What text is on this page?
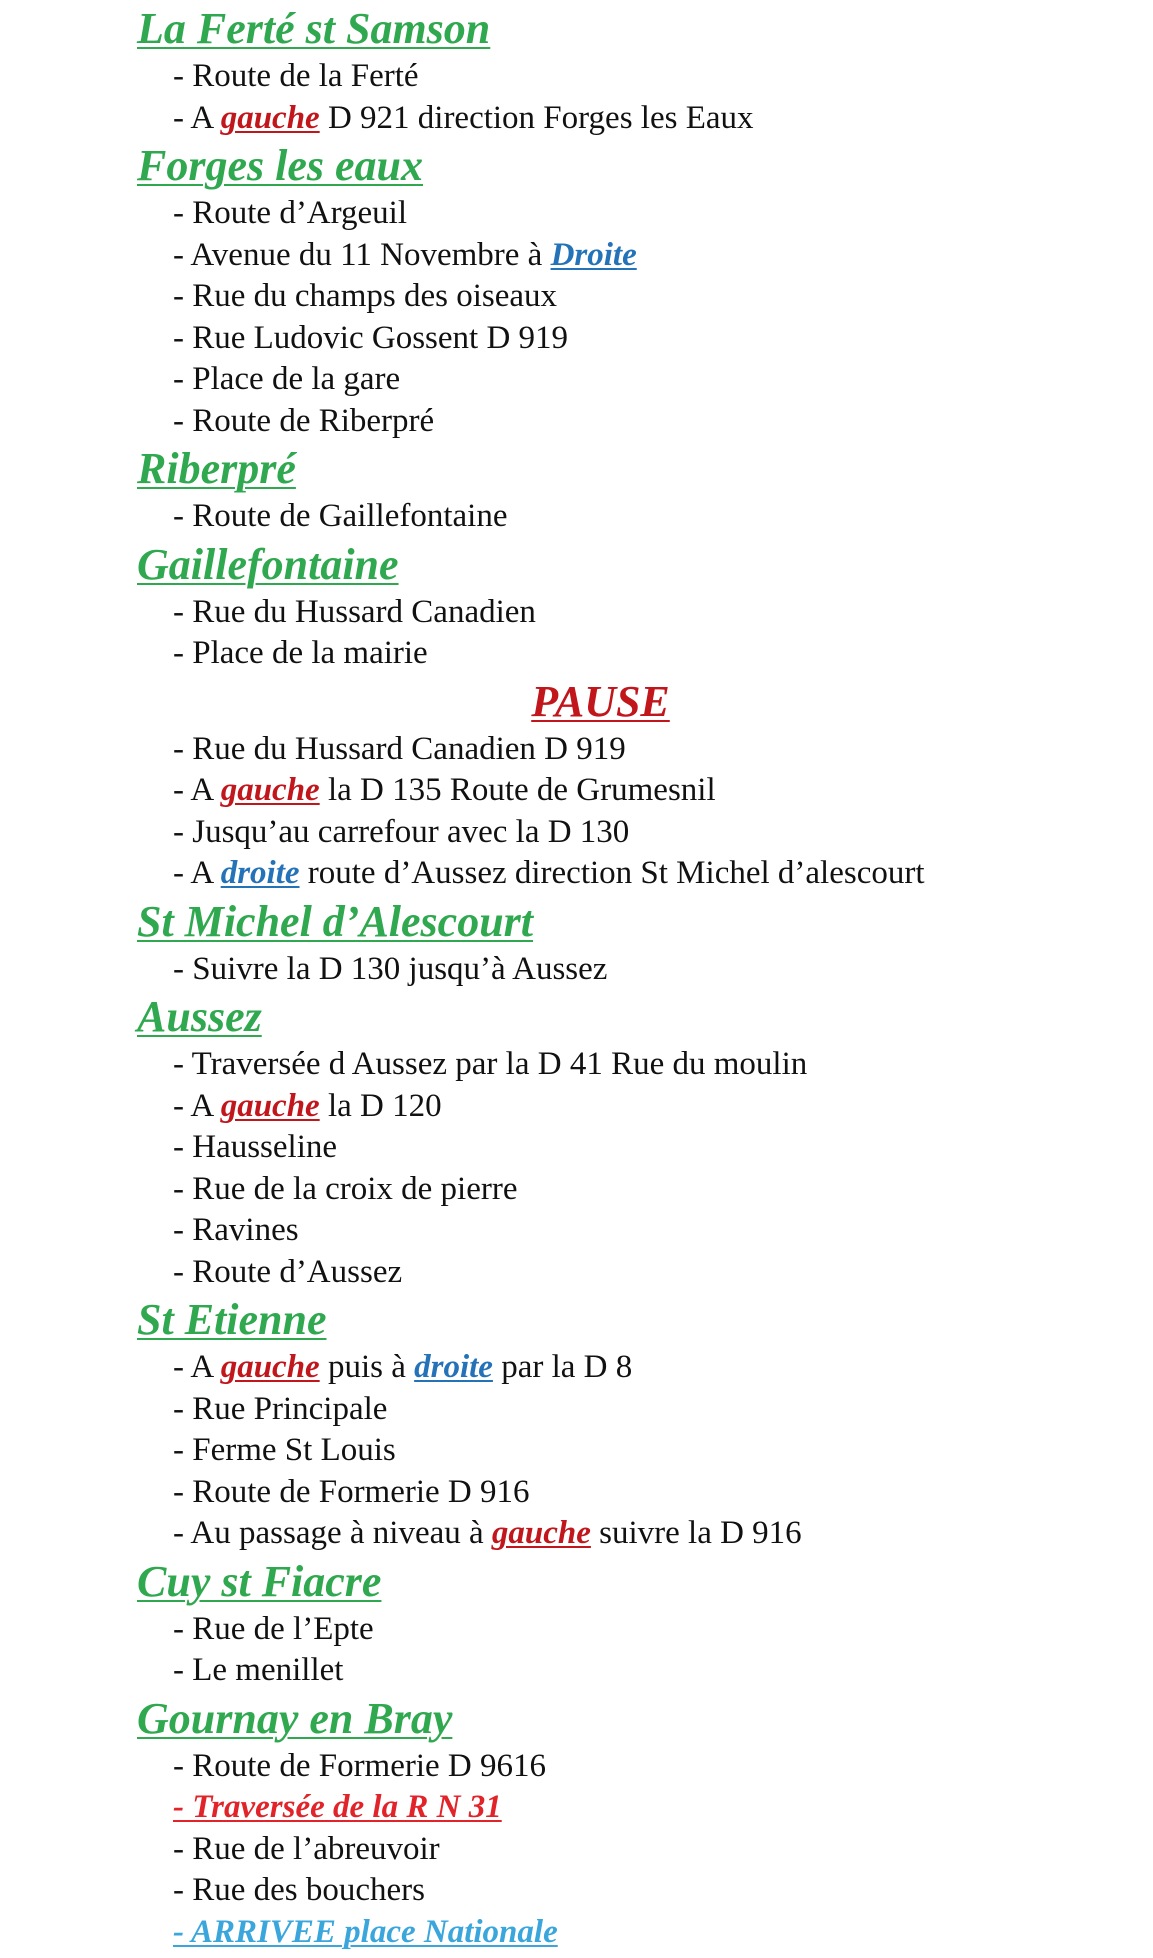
La Ferté st Samson
- Route de la Ferté
- A gauche D 921 direction Forges les Eaux
Forges les eaux
- Route d’Argeuil
- Avenue du 11 Novembre à Droite
- Rue du champs des oiseaux
- Rue Ludovic Gossent D 919
- Place de la gare
- Route de Riberpré
Riberpré
- Route de Gaillefontaine
Gaillefontaine
- Rue du Hussard Canadien
- Place de la mairie
PAUSE
- Rue du Hussard Canadien D 919
- A gauche la D 135 Route de Grumesnil
- Jusqu’au carrefour avec la D 130
- A droite route d’Aussez direction St Michel d’alescourt
St Michel d’Alescourt
- Suivre la D 130 jusqu’à Aussez
Aussez
- Traversée d Aussez par la D 41 Rue du moulin
- A gauche la D 120
- Hausseline
- Rue de la croix de pierre
- Ravines
- Route d’Aussez
St Etienne
- A gauche puis à droite par la D 8
- Rue Principale
- Ferme St Louis
- Route de Formerie D 916
- Au passage à niveau à gauche suivre la D 916
Cuy st Fiacre
- Rue de l’Epte
- Le menillet
Gournay en Bray
- Route de Formerie D 9616
- Traversée de la R N 31
- Rue de l’abreuvoir
- Rue des bouchers
- ARRIVEE place Nationale
